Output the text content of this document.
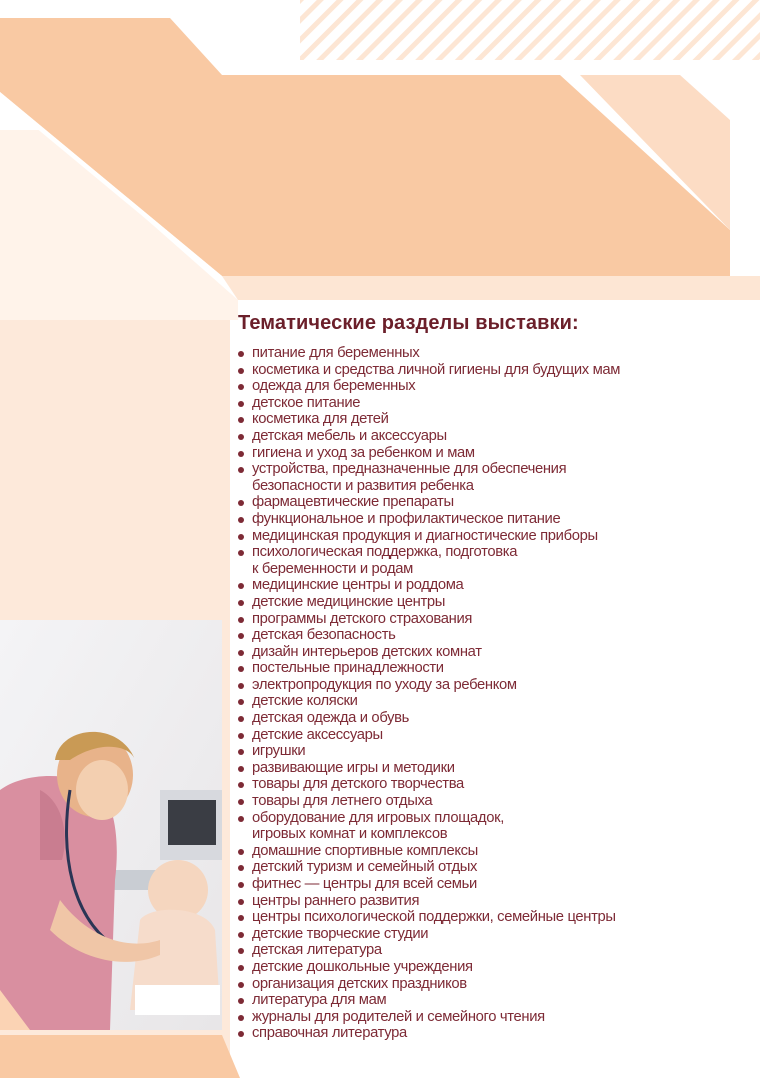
Тематические разделы выставки:
питание для беременных
косметика и средства личной гигиены для будущих мам
одежда для беременных
детское питание
косметика для детей
детская мебель и аксессуары
гигиена и уход за ребенком и мам
устройства, предназначенные для обеспечения
безопасности и развития ребенка
фармацевтические препараты
функциональное и профилактическое питание
медицинская продукция и диагностические приборы
психологическая поддержка, подготовка
к беременности и родам
медицинские центры и роддома
детские медицинские центры
программы детского страхования
детская безопасность
дизайн интерьеров детских комнат
постельные принадлежности
электропродукция по уходу за ребенком
детские коляски
детская одежда и обувь
детские аксессуары
игрушки
развивающие игры и методики
товары для детского творчества
товары для летнего отдыха
оборудование для игровых площадок,
игровых комнат и комплексов
домашние спортивные комплексы
детский туризм и семейный отдых
фитнес — центры для всей семьи
центры раннего развития
центры психологической поддержки, семейные центры
детские творческие студии
детская литература
детские дошкольные учреждения
организация детских праздников
литература для мам
журналы для родителей и семейного чтения
справочная литература
